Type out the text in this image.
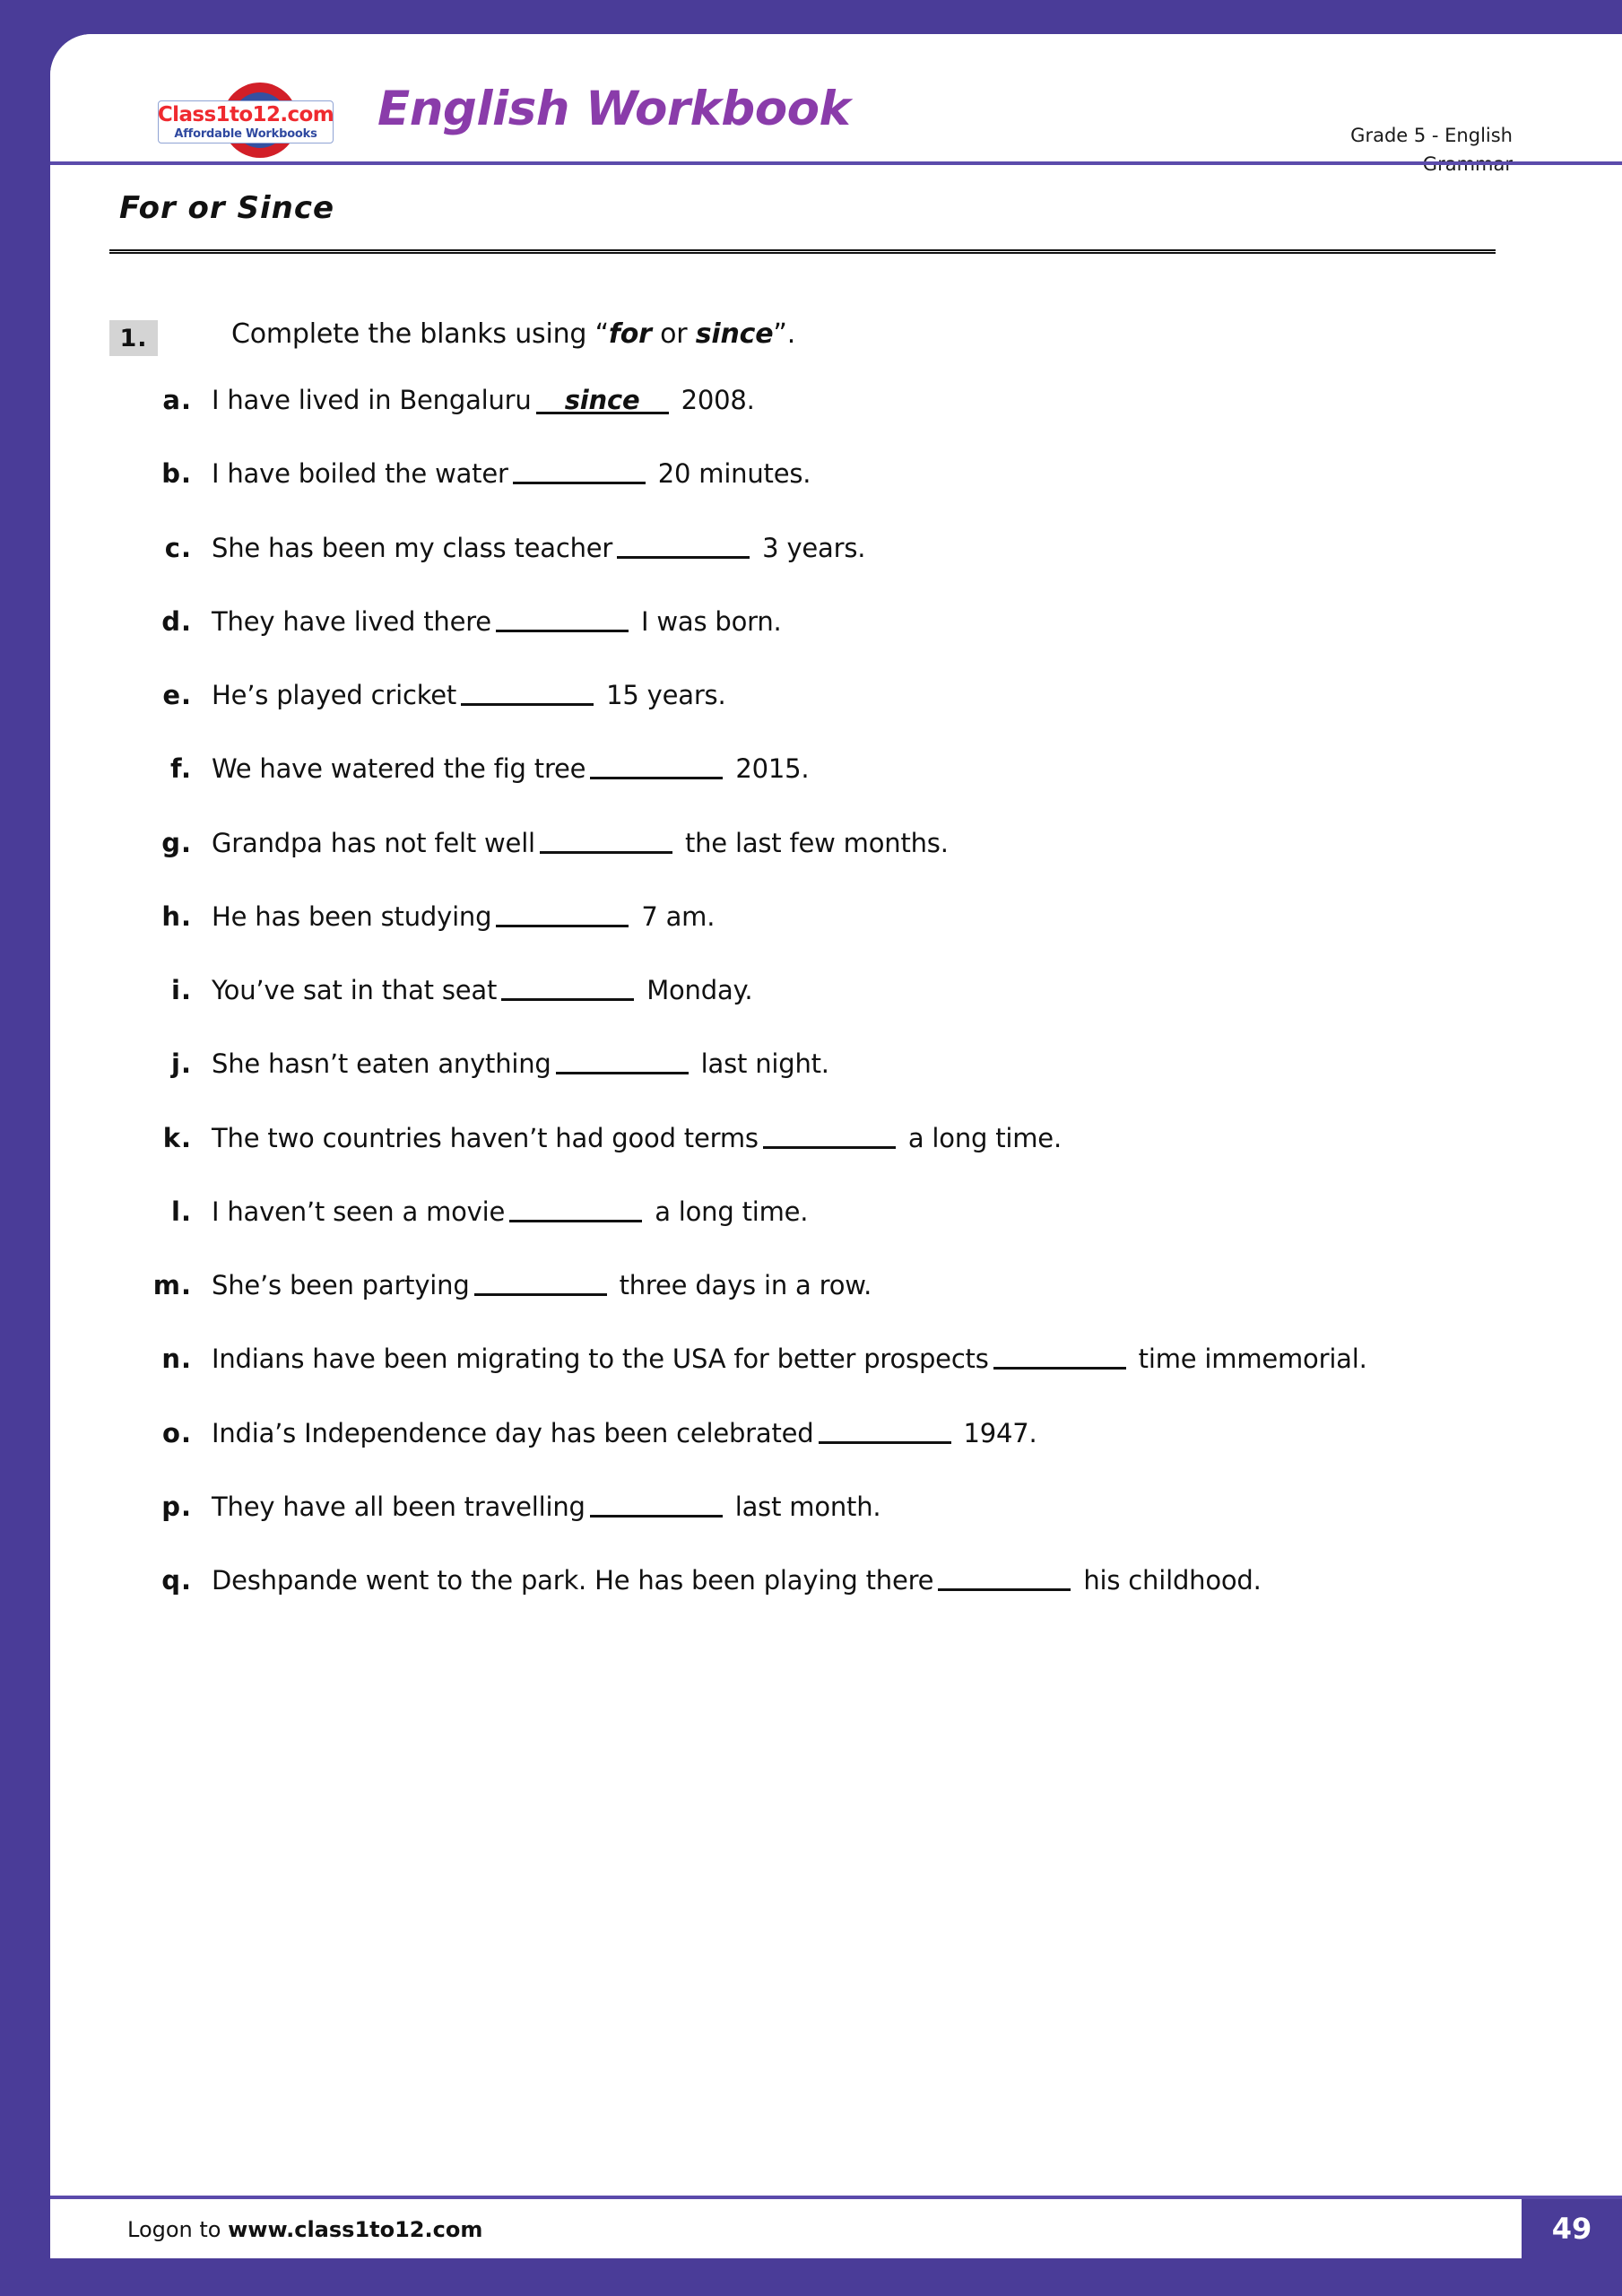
Class1to12.com
Affordable Workbooks English Workbook	Grade 5 - English
For or Since
1.	Complete the blanks using “for or since”.
a. I have lived in Bengaluru since 2008.
b. I have boiled the water	20 minutes.
c. She has been my class teacher	3 years.
d. They have lived there	I was born.
e. He’s played cricket	15 years.
f. We have watered the fig tree	2015.
g. Grandpa has not felt well	the last few months.
h. He has been studying	7 am.
i. You’ve sat in that seat	Monday.
j. She hasn’t eaten anything	last night.
k. The two countries haven’t had good terms	a long time.
l. I haven’t seen a movie	a long time.
m. She’s been partying	three days in a row.
n. Indians have been migrating to the USA for better prospects	time immemorial.
o. India’s Independence day has been celebrated	1947.
p. They have all been travelling	last month.
q. Deshpande went to the park. He has been playing there	his childhood.
Logon to www.class1to12.com	49
